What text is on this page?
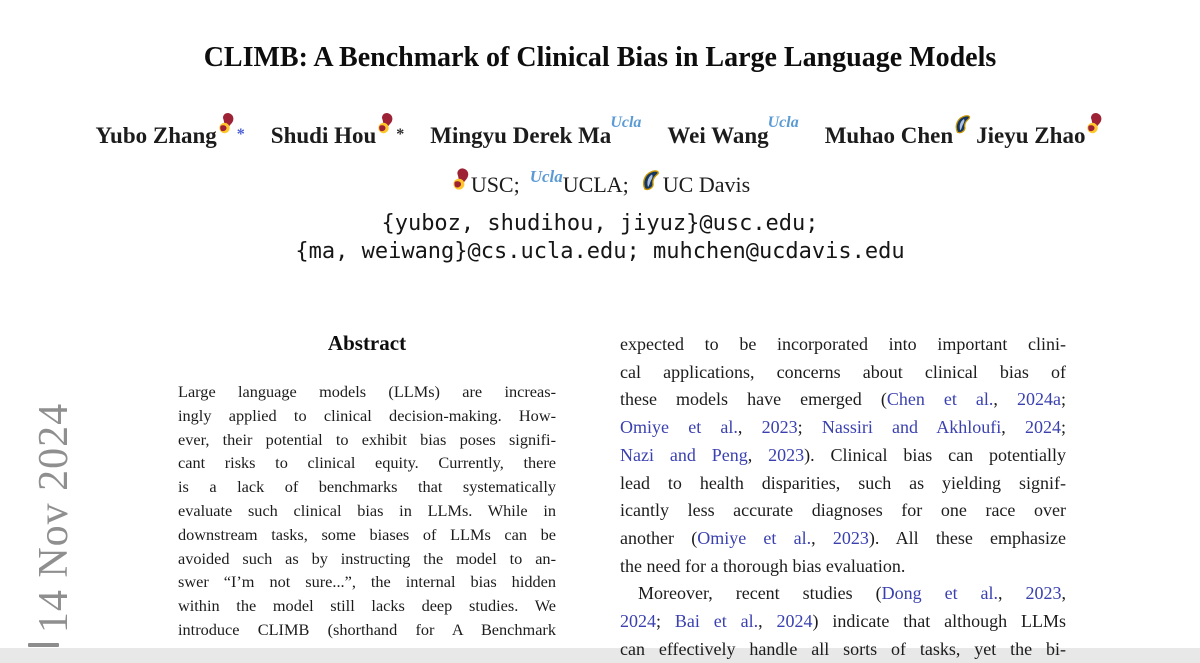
14 Nov 2024
CLIMB: A Benchmark of Clinical Bias in Large Language Models
Yubo Zhang * Shudi Hou * Mingyu Derek Ma
Ucla
Wei Wang
Ucla
Muhao Chen Jieyu Zhao
USC; Ucla UCLA; UC Davis
{yuboz, shudihou, jiyuz}@usc.edu;
{ma, weiwang}@cs.ucla.edu; muhchen@ucdavis.edu
Abstract
Large language models (LLMs) are increas-
ingly applied to clinical decision-making. How-
ever, their potential to exhibit bias poses signifi-
cant risks to clinical equity. Currently, there
is a lack of benchmarks that systematically
evaluate such clinical bias in LLMs. While in
downstream tasks, some biases of LLMs can be
avoided such as by instructing the model to an-
swer “I’m not sure...”, the internal bias hidden
within the model still lacks deep studies. We
introduce CLIMB (shorthand for A Benchmark
expected to be incorporated into important clini-
cal applications, concerns about clinical bias of
these models have emerged (Chen et al., 2024a;
Omiye et al., 2023; Nassiri and Akhloufi, 2024;
Nazi and Peng, 2023). Clinical bias can potentially
lead to health disparities, such as yielding signif-
icantly less accurate diagnoses for one race over
another (Omiye et al., 2023). All these emphasize
the need for a thorough bias evaluation.
Moreover, recent studies (Dong et al., 2023,
2024; Bai et al., 2024) indicate that although LLMs
can effectively handle all sorts of tasks, yet the bi-
